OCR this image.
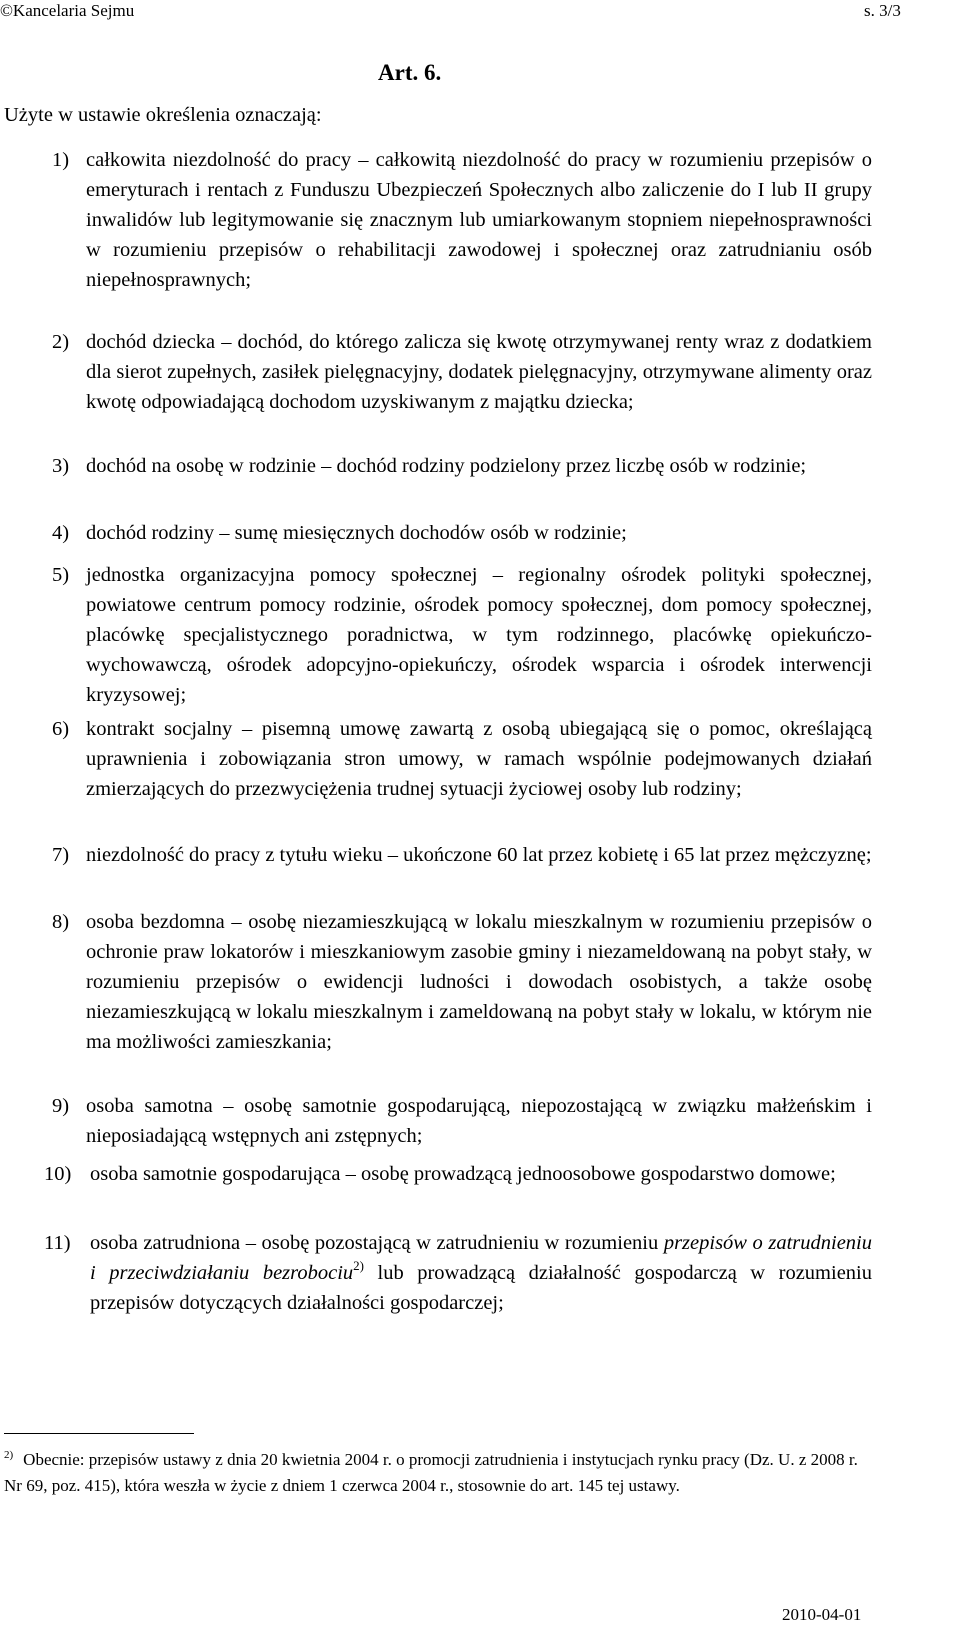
©Kancelaria Sejmu	s. 3/3
Art. 6.
Użyte w ustawie określenia oznaczają:
1) całkowita niezdolność do pracy – całkowitą niezdolność do pracy w rozumieniu przepisów o emeryturach i rentach z Funduszu Ubezpieczeń Społecznych albo zaliczenie do I lub II grupy inwalidów lub legitymowanie się znacznym lub umiarkowanym stopniem niepełnosprawności w rozumieniu przepisów o rehabilitacji zawodowej i społecznej oraz zatrudnianiu osób niepełnosprawnych;
2) dochód dziecka – dochód, do którego zalicza się kwotę otrzymywanej renty wraz z dodatkiem dla sierot zupełnych, zasiłek pielęgnacyjny, dodatek pielęgnacyjny, otrzymywane alimenty oraz kwotę odpowiadającą dochodom uzyskiwanym z majątku dziecka;
3) dochód na osobę w rodzinie – dochód rodziny podzielony przez liczbę osób w rodzinie;
4) dochód rodziny – sumę miesięcznych dochodów osób w rodzinie;
5) jednostka organizacyjna pomocy społecznej – regionalny ośrodek polityki społecznej, powiatowe centrum pomocy rodzinie, ośrodek pomocy społecznej, dom pomocy społecznej, placówkę specjalistycznego poradnictwa, w tym rodzinnego, placówkę opiekuńczo-wychowawczą, ośrodek adopcyjno-opiekuńczy, ośrodek wsparcia i ośrodek interwencji kryzysowej;
6) kontrakt socjalny – pisemną umowę zawartą z osobą ubiegającą się o pomoc, określającą uprawnienia i zobowiązania stron umowy, w ramach wspólnie podejmowanych działań zmierzających do przezwyciężenia trudnej sytuacji życiowej osoby lub rodziny;
7) niezdolność do pracy z tytułu wieku – ukończone 60 lat przez kobietę i 65 lat przez mężczyznę;
8) osoba bezdomna – osobę niezamieszkującą w lokalu mieszkalnym w rozumieniu przepisów o ochronie praw lokatorów i mieszkaniowym zasobie gminy i niezameldowaną na pobyt stały, w rozumieniu przepisów o ewidencji ludności i dowodach osobistych, a także osobę niezamieszkującą w lokalu mieszkalnym i zameldowaną na pobyt stały w lokalu, w którym nie ma możliwości zamieszkania;
9) osoba samotna – osobę samotnie gospodarującą, niepozostającą w związku małżeńskim i nieposiadającą wstępnych ani zstępnych;
10) osoba samotnie gospodarująca – osobę prowadzącą jednoosobowe gospodarstwo domowe;
11) osoba zatrudniona – osobę pozostającą w zatrudnieniu w rozumieniu przepisów o zatrudnieniu i przeciwdziałaniu bezrobociu$^{2)}$ lub prowadzącą działalność gospodarczą w rozumieniu przepisów dotyczących działalności gospodarczej;
$^{2)}$ Obecnie: przepisów ustawy z dnia 20 kwietnia 2004 r. o promocji zatrudnienia i instytucjach rynku pracy (Dz. U. z 2008 r. Nr 69, poz. 415), która weszła w życie z dniem 1 czerwca 2004 r., stosownie do art. 145 tej ustawy.
2010-04-01
